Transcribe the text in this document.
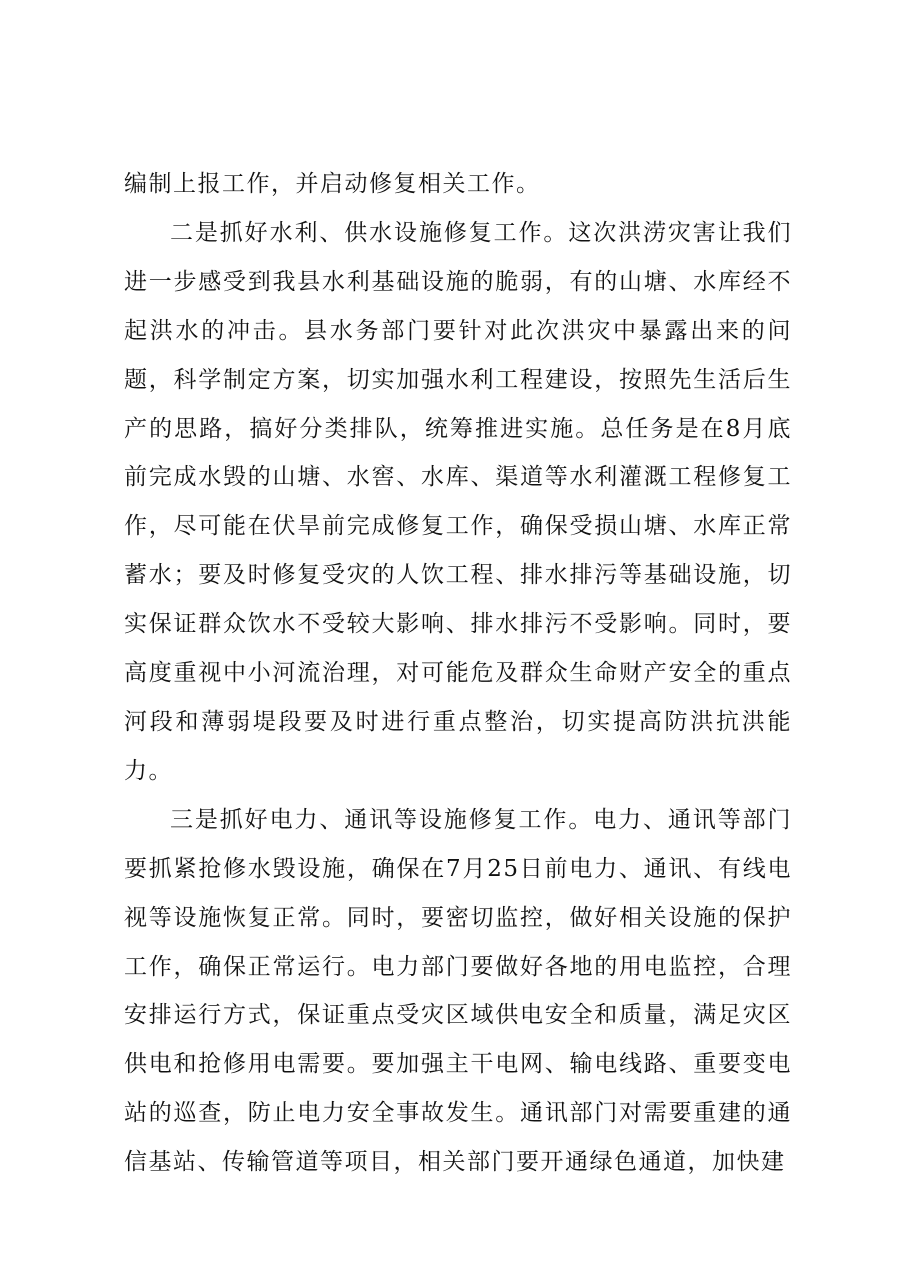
编制上报工作，并启动修复相关工作。

二是抓好水利、供水设施修复工作。这次洪涝灾害让我们进一步感受到我县水利基础设施的脆弱，有的山塘、水库经不起洪水的冲击。县水务部门要针对此次洪灾中暴露出来的问题，科学制定方案，切实加强水利工程建设，按照先生活后生产的思路，搞好分类排队，统筹推进实施。总任务是在8月底前完成水毁的山塘、水窖、水库、渠道等水利灌溉工程修复工作，尽可能在伏旱前完成修复工作，确保受损山塘、水库正常蓄水；要及时修复受灾的人饮工程、排水排污等基础设施，切实保证群众饮水不受较大影响、排水排污不受影响。同时，要高度重视中小河流治理，对可能危及群众生命财产安全的重点河段和薄弱堤段要及时进行重点整治，切实提高防洪抗洪能力。

三是抓好电力、通讯等设施修复工作。电力、通讯等部门要抓紧抢修水毁设施，确保在7月25日前电力、通讯、有线电视等设施恢复正常。同时，要密切监控，做好相关设施的保护工作，确保正常运行。电力部门要做好各地的用电监控，合理安排运行方式，保证重点受灾区域供电安全和质量，满足灾区供电和抢修用电需要。要加强主干电网、输电线路、重要变电站的巡查，防止电力安全事故发生。通讯部门对需要重建的通信基站、传输管道等项目，相关部门要开通绿色通道，加快建
